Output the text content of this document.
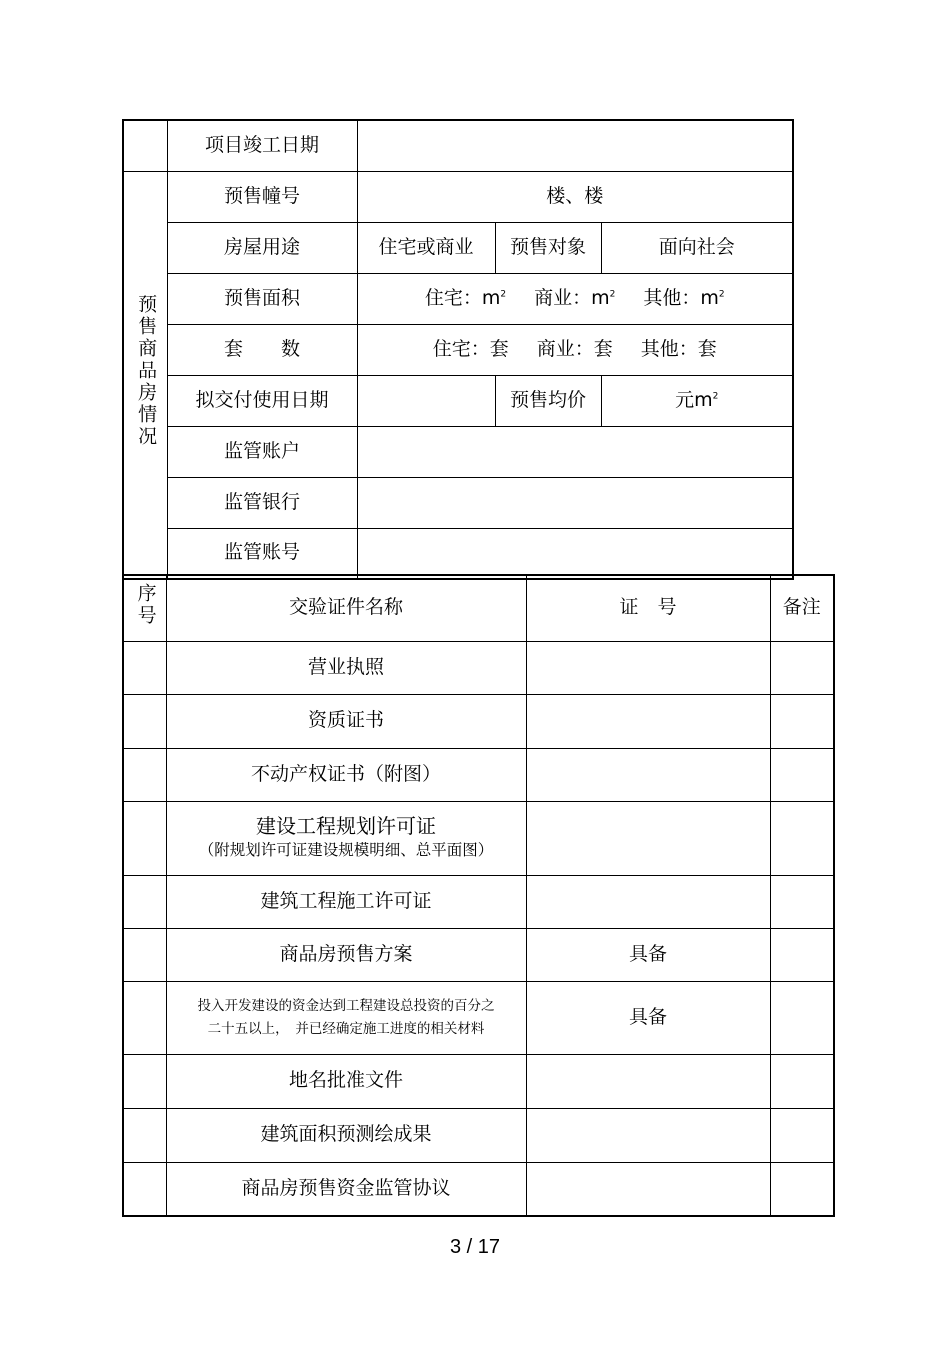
	项目竣工日期			
预售商品房情况	预售幢号	楼、楼		
	房屋用途	住宅或商业	预售对象	面向社会
	预售面积	住宅：$m^2$ 商业：$m^2$ 其他：$m^2$
	套　　数	住宅：套 商业：套 其他：套		
	拟交付使用日期		预售均价	元$m^2$
	监管账户			
	监管银行			
	监管账号			
序号	交验证件名称	证　号	备注
	营业执照		
	资质证书		
	不动产权证书（附图）		

	建设工程规划许可证
（附规划许可证建设规模明细、总平面图）		

	建筑工程施工许可证		
	商品房预售方案	具备	

	投入开发建设的资金达到工程建设总投资的百分之二十五以上，　并已经确定施工进度的相关材料	具备	
	地名批准文件		
	建筑面积预测绘成果		
	商品房预售资金监管协议		
3 / 17
